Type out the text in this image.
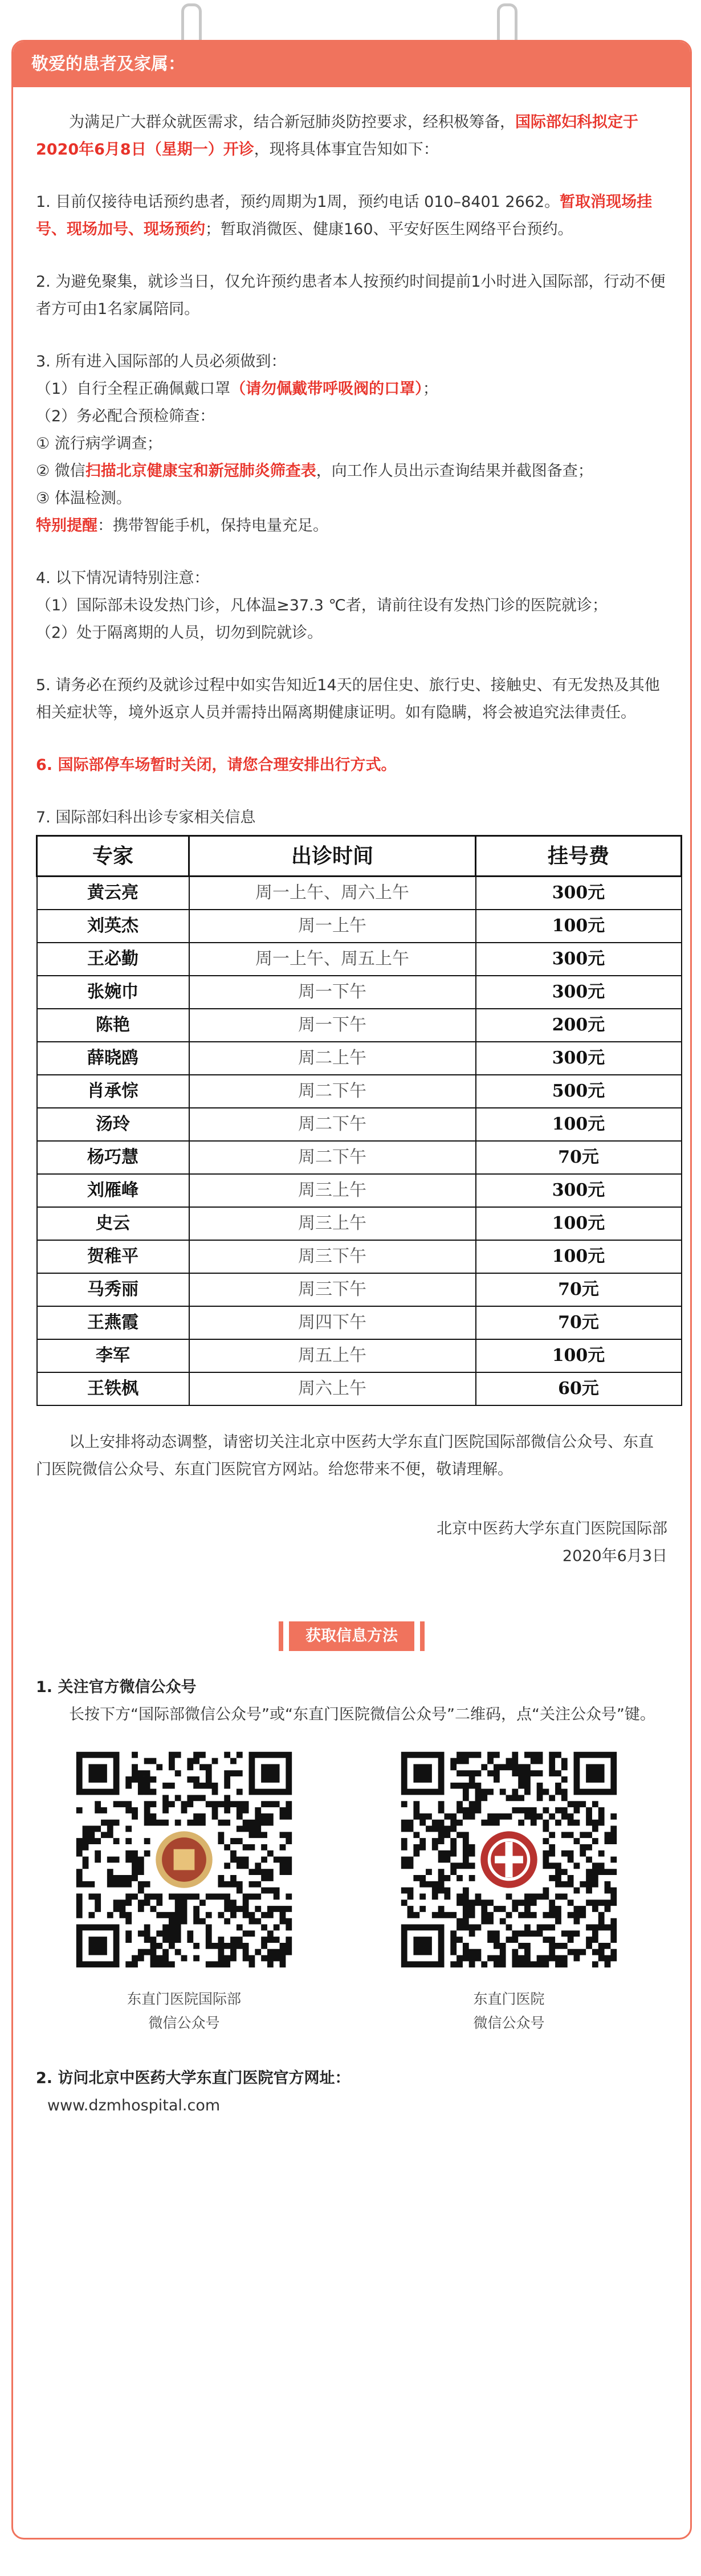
敬爱的患者及家属：

为满足广大群众就医需求，结合新冠肺炎防控要求，经积极筹备，国际部妇科拟定于2020年6月8日（星期一）开诊，现将具体事宜告知如下：

1. 目前仅接待电话预约患者，预约周期为1周，预约电话 010–8401 2662。暂取消现场挂号、现场加号、现场预约；暂取消微医、健康160、平安好医生网络平台预约。

2. 为避免聚集，就诊当日，仅允许预约患者本人按预约时间提前1小时进入国际部，行动不便者方可由1名家属陪同。

3. 所有进入国际部的人员必须做到：

（1）自行全程正确佩戴口罩（请勿佩戴带呼吸阀的口罩）；

（2）务必配合预检筛查：

① 流行病学调查；

② 微信扫描北京健康宝和新冠肺炎筛查表，向工作人员出示查询结果并截图备查；

③ 体温检测。

特别提醒：携带智能手机，保持电量充足。

4. 以下情况请特别注意：

（1）国际部未设发热门诊，凡体温≥37.3 ℃者，请前往设有发热门诊的医院就诊；

（2）处于隔离期的人员，切勿到院就诊。

5. 请务必在预约及就诊过程中如实告知近14天的居住史、旅行史、接触史、有无发热及其他相关症状等，境外返京人员并需持出隔离期健康证明。如有隐瞒，将会被追究法律责任。

6. 国际部停车场暂时关闭，请您合理安排出行方式。

7. 国际部妇科出诊专家相关信息

专家	出诊时间	挂号费
黄云亮	周一上午、周六上午	300元
刘英杰	周一上午	100元
王必勤	周一上午、周五上午	300元
张婉巾	周一下午	300元
陈艳	周一下午	200元
薛晓鸥	周二上午	300元
肖承悰	周二下午	500元
汤玲	周二下午	100元
杨巧慧	周二下午	70元
刘雁峰	周三上午	300元
史云	周三上午	100元
贺稚平	周三下午	100元
马秀丽	周三下午	70元
王燕霞	周四下午	70元
李军	周五上午	100元
王铁枫	周六上午	60元

以上安排将动态调整，请密切关注北京中医药大学东直门医院国际部微信公众号、东直门医院微信公众号、东直门医院官方网站。给您带来不便，敬请理解。

北京中医药大学东直门医院国际部

2020年6月3日

获取信息方法

1. 关注官方微信公众号

长按下方“国际部微信公众号”或“东直门医院微信公众号”二维码，点“关注公众号”键。

东直门医院国际部

微信公众号

东直门医院

微信公众号

2. 访问北京中医药大学东直门医院官方网址：

www.dzmhospital.com
